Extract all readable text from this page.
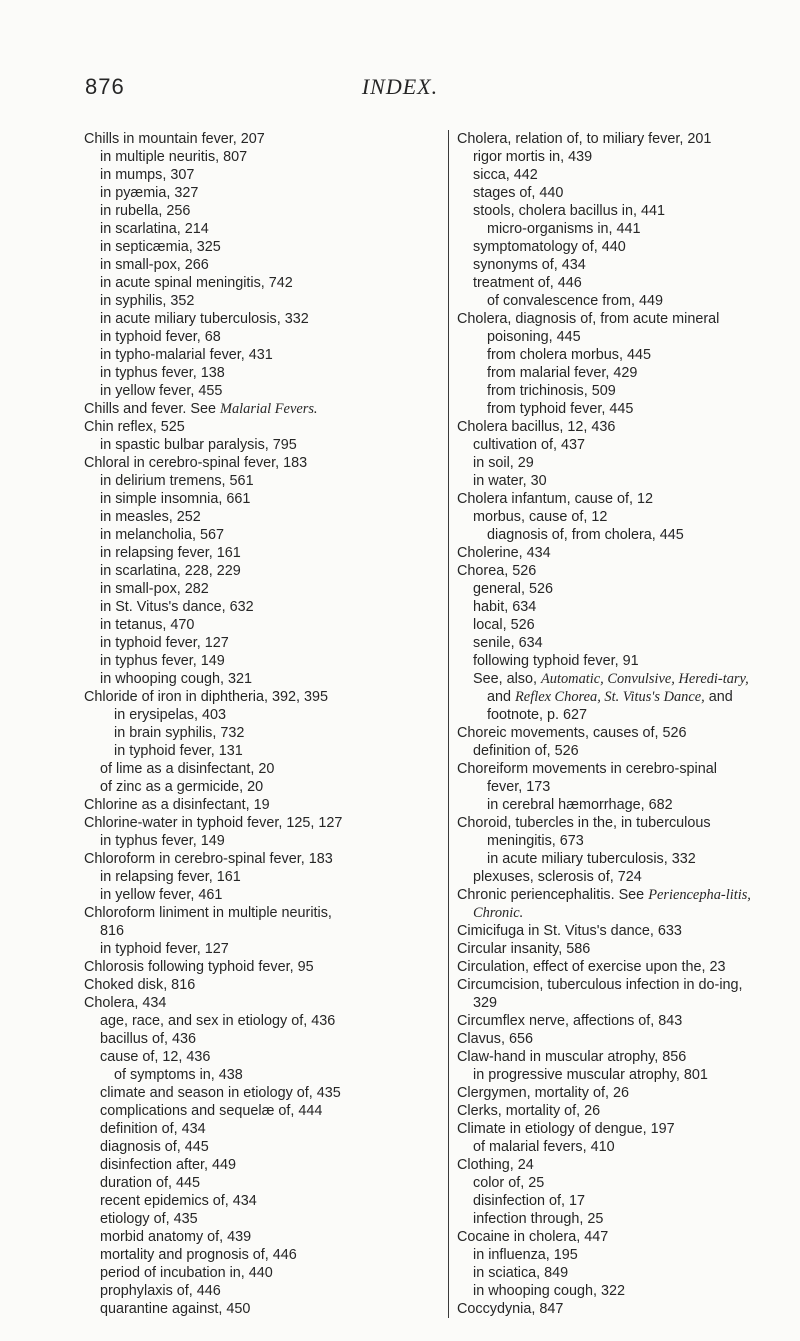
876	INDEX.
Chills in mountain fever, 207
in multiple neuritis, 807
in mumps, 307
in pyæmia, 327
in rubella, 256
in scarlatina, 214
in septicæmia, 325
in small-pox, 266
in acute spinal meningitis, 742
in syphilis, 352
in acute miliary tuberculosis, 332
in typhoid fever, 68
in typho-malarial fever, 431
in typhus fever, 138
in yellow fever, 455
Chills and fever. See Malarial Fevers.
Chin reflex, 525
in spastic bulbar paralysis, 795
Chloral in cerebro-spinal fever, 183
in delirium tremens, 561
in simple insomnia, 661
in measles, 252
in melancholia, 567
in relapsing fever, 161
in scarlatina, 228, 229
in small-pox, 282
in St. Vitus's dance, 632
in tetanus, 470
in typhoid fever, 127
in typhus fever, 149
in whooping cough, 321
Chloride of iron in diphtheria, 392, 395
in erysipelas, 403
in brain syphilis, 732
in typhoid fever, 131
of lime as a disinfectant, 20
of zinc as a germicide, 20
Chlorine as a disinfectant, 19
Chlorine-water in typhoid fever, 125, 127
in typhus fever, 149
Chloroform in cerebro-spinal fever, 183
in relapsing fever, 161
in yellow fever, 461
Chloroform liniment in multiple neuritis,
816
in typhoid fever, 127
Chlorosis following typhoid fever, 95
Choked disk, 816
Cholera, 434
age, race, and sex in etiology of, 436
bacillus of, 436
cause of, 12, 436
of symptoms in, 438
climate and season in etiology of, 435
complications and sequelæ of, 444
definition of, 434
diagnosis of, 445
disinfection after, 449
duration of, 445
recent epidemics of, 434
etiology of, 435
morbid anatomy of, 439
mortality and prognosis of, 446
period of incubation in, 440
prophylaxis of, 446
quarantine against, 450
Cholera, relation of, to miliary fever, 201
rigor mortis in, 439
sicca, 442
stages of, 440
stools, cholera bacillus in, 441
micro-organisms in, 441
symptomatology of, 440
synonyms of, 434
treatment of, 446
of convalescence from, 449
Cholera, diagnosis of, from acute mineral
poisoning, 445
from cholera morbus, 445
from malarial fever, 429
from trichinosis, 509
from typhoid fever, 445
Cholera bacillus, 12, 436
cultivation of, 437
in soil, 29
in water, 30
Cholera infantum, cause of, 12
morbus, cause of, 12
diagnosis of, from cholera, 445
Cholerine, 434
Chorea, 526
general, 526
habit, 634
local, 526
senile, 634
following typhoid fever, 91
See, also, Automatic, Convulsive, Heredi-tary, and Reflex Chorea, St. Vitus's Dance, and footnote, p. 627
Choreic movements, causes of, 526
definition of, 526
Choreiform movements in cerebro-spinal
fever, 173
in cerebral hæmorrhage, 682
Choroid, tubercles in the, in tuberculous
meningitis, 673
in acute miliary tuberculosis, 332
plexuses, sclerosis of, 724
Chronic periencephalitis. See Periencepha-litis, Chronic.
Cimicifuga in St. Vitus's dance, 633
Circular insanity, 586
Circulation, effect of exercise upon the, 23
Circumcision, tuberculous infection in do-ing, 329
Circumflex nerve, affections of, 843
Clavus, 656
Claw-hand in muscular atrophy, 856
in progressive muscular atrophy, 801
Clergymen, mortality of, 26
Clerks, mortality of, 26
Climate in etiology of dengue, 197
of malarial fevers, 410
Clothing, 24
color of, 25
disinfection of, 17
infection through, 25
Cocaine in cholera, 447
in influenza, 195
in sciatica, 849
in whooping cough, 322
Coccydynia, 847
